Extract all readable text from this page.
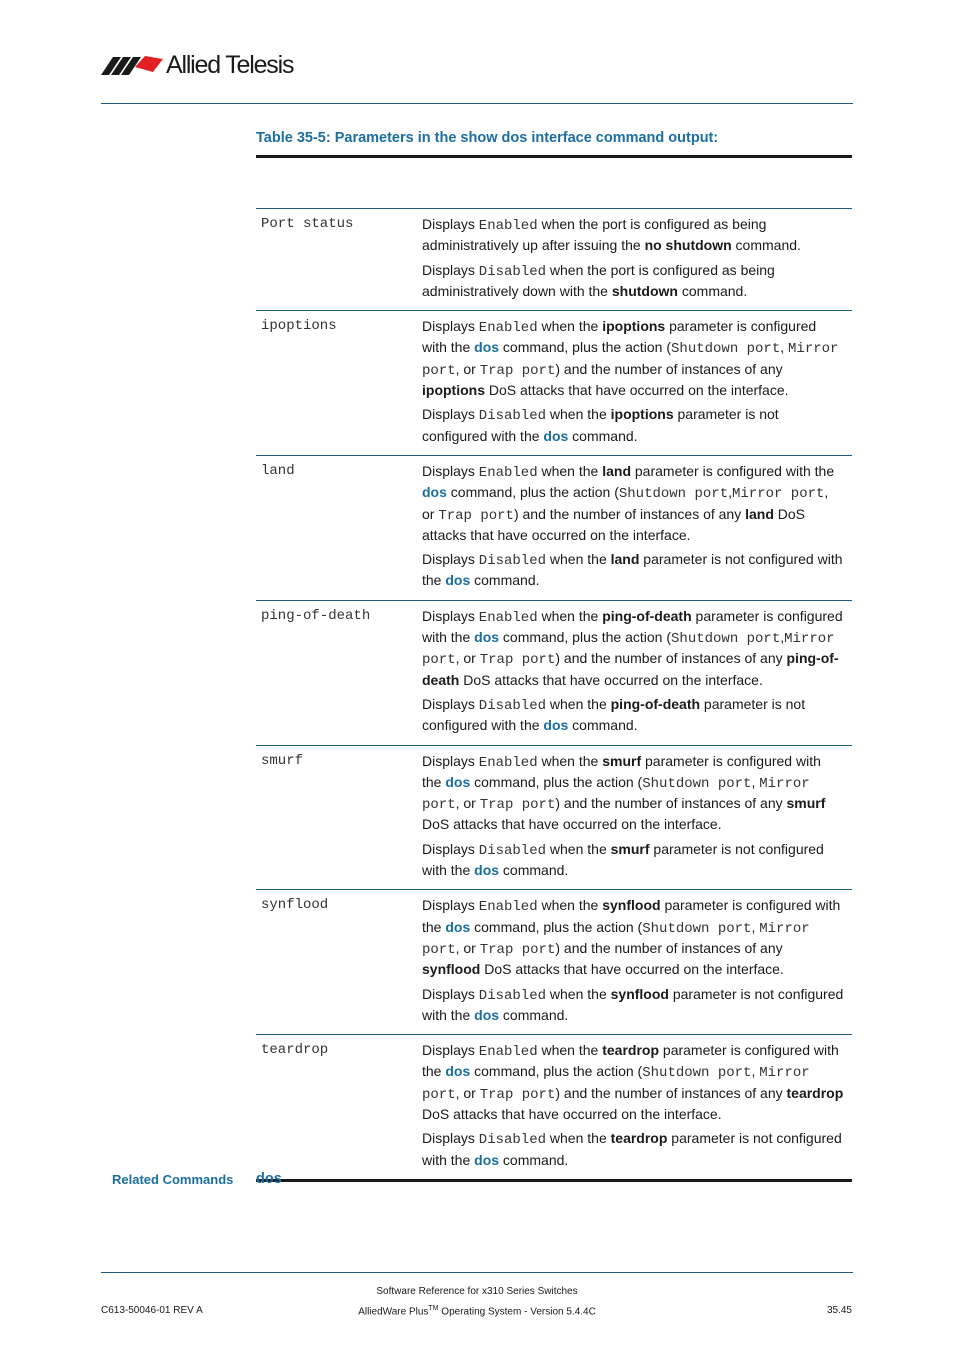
Allied Telesis
Table 35-5: Parameters in the show dos interface command output:
Port status	Displays Enabled when the port is configured as being administratively up after issuing the no shutdown command.

Displays Disabled when the port is configured as being administratively down with the shutdown command.

ipoptions	Displays Enabled when the ipoptions parameter is configured with the dos command, plus the action (Shutdown port, Mirror port, or Trap port) and the number of instances of any ipoptions DoS attacks that have occurred on the interface.

Displays Disabled when the ipoptions parameter is not configured with the dos command.

land	Displays Enabled when the land parameter is configured with the dos command, plus the action (Shutdown port,Mirror port, or Trap port) and the number of instances of any land DoS attacks that have occurred on the interface.

Displays Disabled when the land parameter is not configured with the dos command.

ping-of-death	Displays Enabled when the ping-of-death parameter is configured with the dos command, plus the action (Shutdown port,Mirror port, or Trap port) and the number of instances of any ping-of-death DoS attacks that have occurred on the interface.

Displays Disabled when the ping-of-death parameter is not configured with the dos command.

smurf	Displays Enabled when the smurf parameter is configured with the dos command, plus the action (Shutdown port, Mirror port, or Trap port) and the number of instances of any smurf DoS attacks that have occurred on the interface.

Displays Disabled when the smurf parameter is not configured with the dos command.

synflood	Displays Enabled when the synflood parameter is configured with the dos command, plus the action (Shutdown port, Mirror port, or Trap port) and the number of instances of any synflood DoS attacks that have occurred on the interface.

Displays Disabled when the synflood parameter is not configured with the dos command.

teardrop	Displays Enabled when the teardrop parameter is configured with the dos command, plus the action (Shutdown port, Mirror port, or Trap port) and the number of instances of any teardrop DoS attacks that have occurred on the interface.

Displays Disabled when the teardrop parameter is not configured with the dos command.

Related Commands dos
Software Reference for x310 Series Switches
AlliedWare Plus™ Operating System - Version 5.4.4C
C613-50046-01 REV A	35.45
